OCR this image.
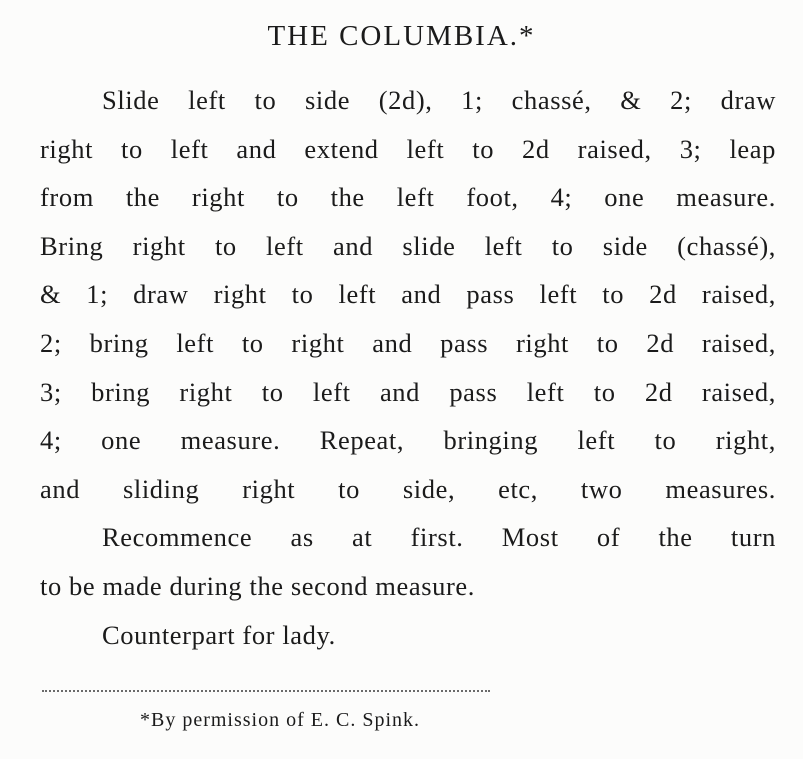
THE COLUMBIA.*
Slide left to side (2d), 1; chassé, & 2; draw
right to left and extend left to 2d raised, 3; leap
from the right to the left foot, 4; one measure.
Bring right to left and slide left to side (chassé),
& 1; draw right to left and pass left to 2d raised,
2; bring left to right and pass right to 2d raised,
3; bring right to left and pass left to 2d raised,
4; one measure. Repeat, bringing left to right,
and sliding right to side, etc, two measures.
Recommence as at first. Most of the turn
to be made during the second measure.
Counterpart for lady.
*By permission of E. C. Spink.
